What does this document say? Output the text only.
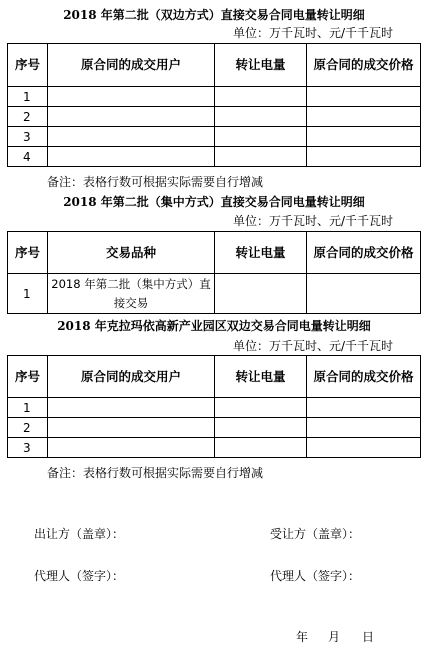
2018 年第二批（双边方式）直接交易合同电量转让明细
单位：万千瓦时、元/千千瓦时
序号	原合同的成交用户	转让电量	原合同的成交价格
1			
2			
3			
4			
备注：表格行数可根据实际需要自行增减
2018 年第二批（集中方式）直接交易合同电量转让明细
单位：万千瓦时、元/千千瓦时
序号	交易品种	转让电量	原合同的成交价格
1	2018 年第二批（集中方式）直接交易		
2018 年克拉玛依高新产业园区双边交易合同电量转让明细
单位：万千瓦时、元/千千瓦时
序号	原合同的成交用户	转让电量	原合同的成交价格
1			
2			
3			
备注：表格行数可根据实际需要自行增减
出让方（盖章）：	受让方（盖章）：
代理人（签字）：	代理人（签字）：
年 月 日
